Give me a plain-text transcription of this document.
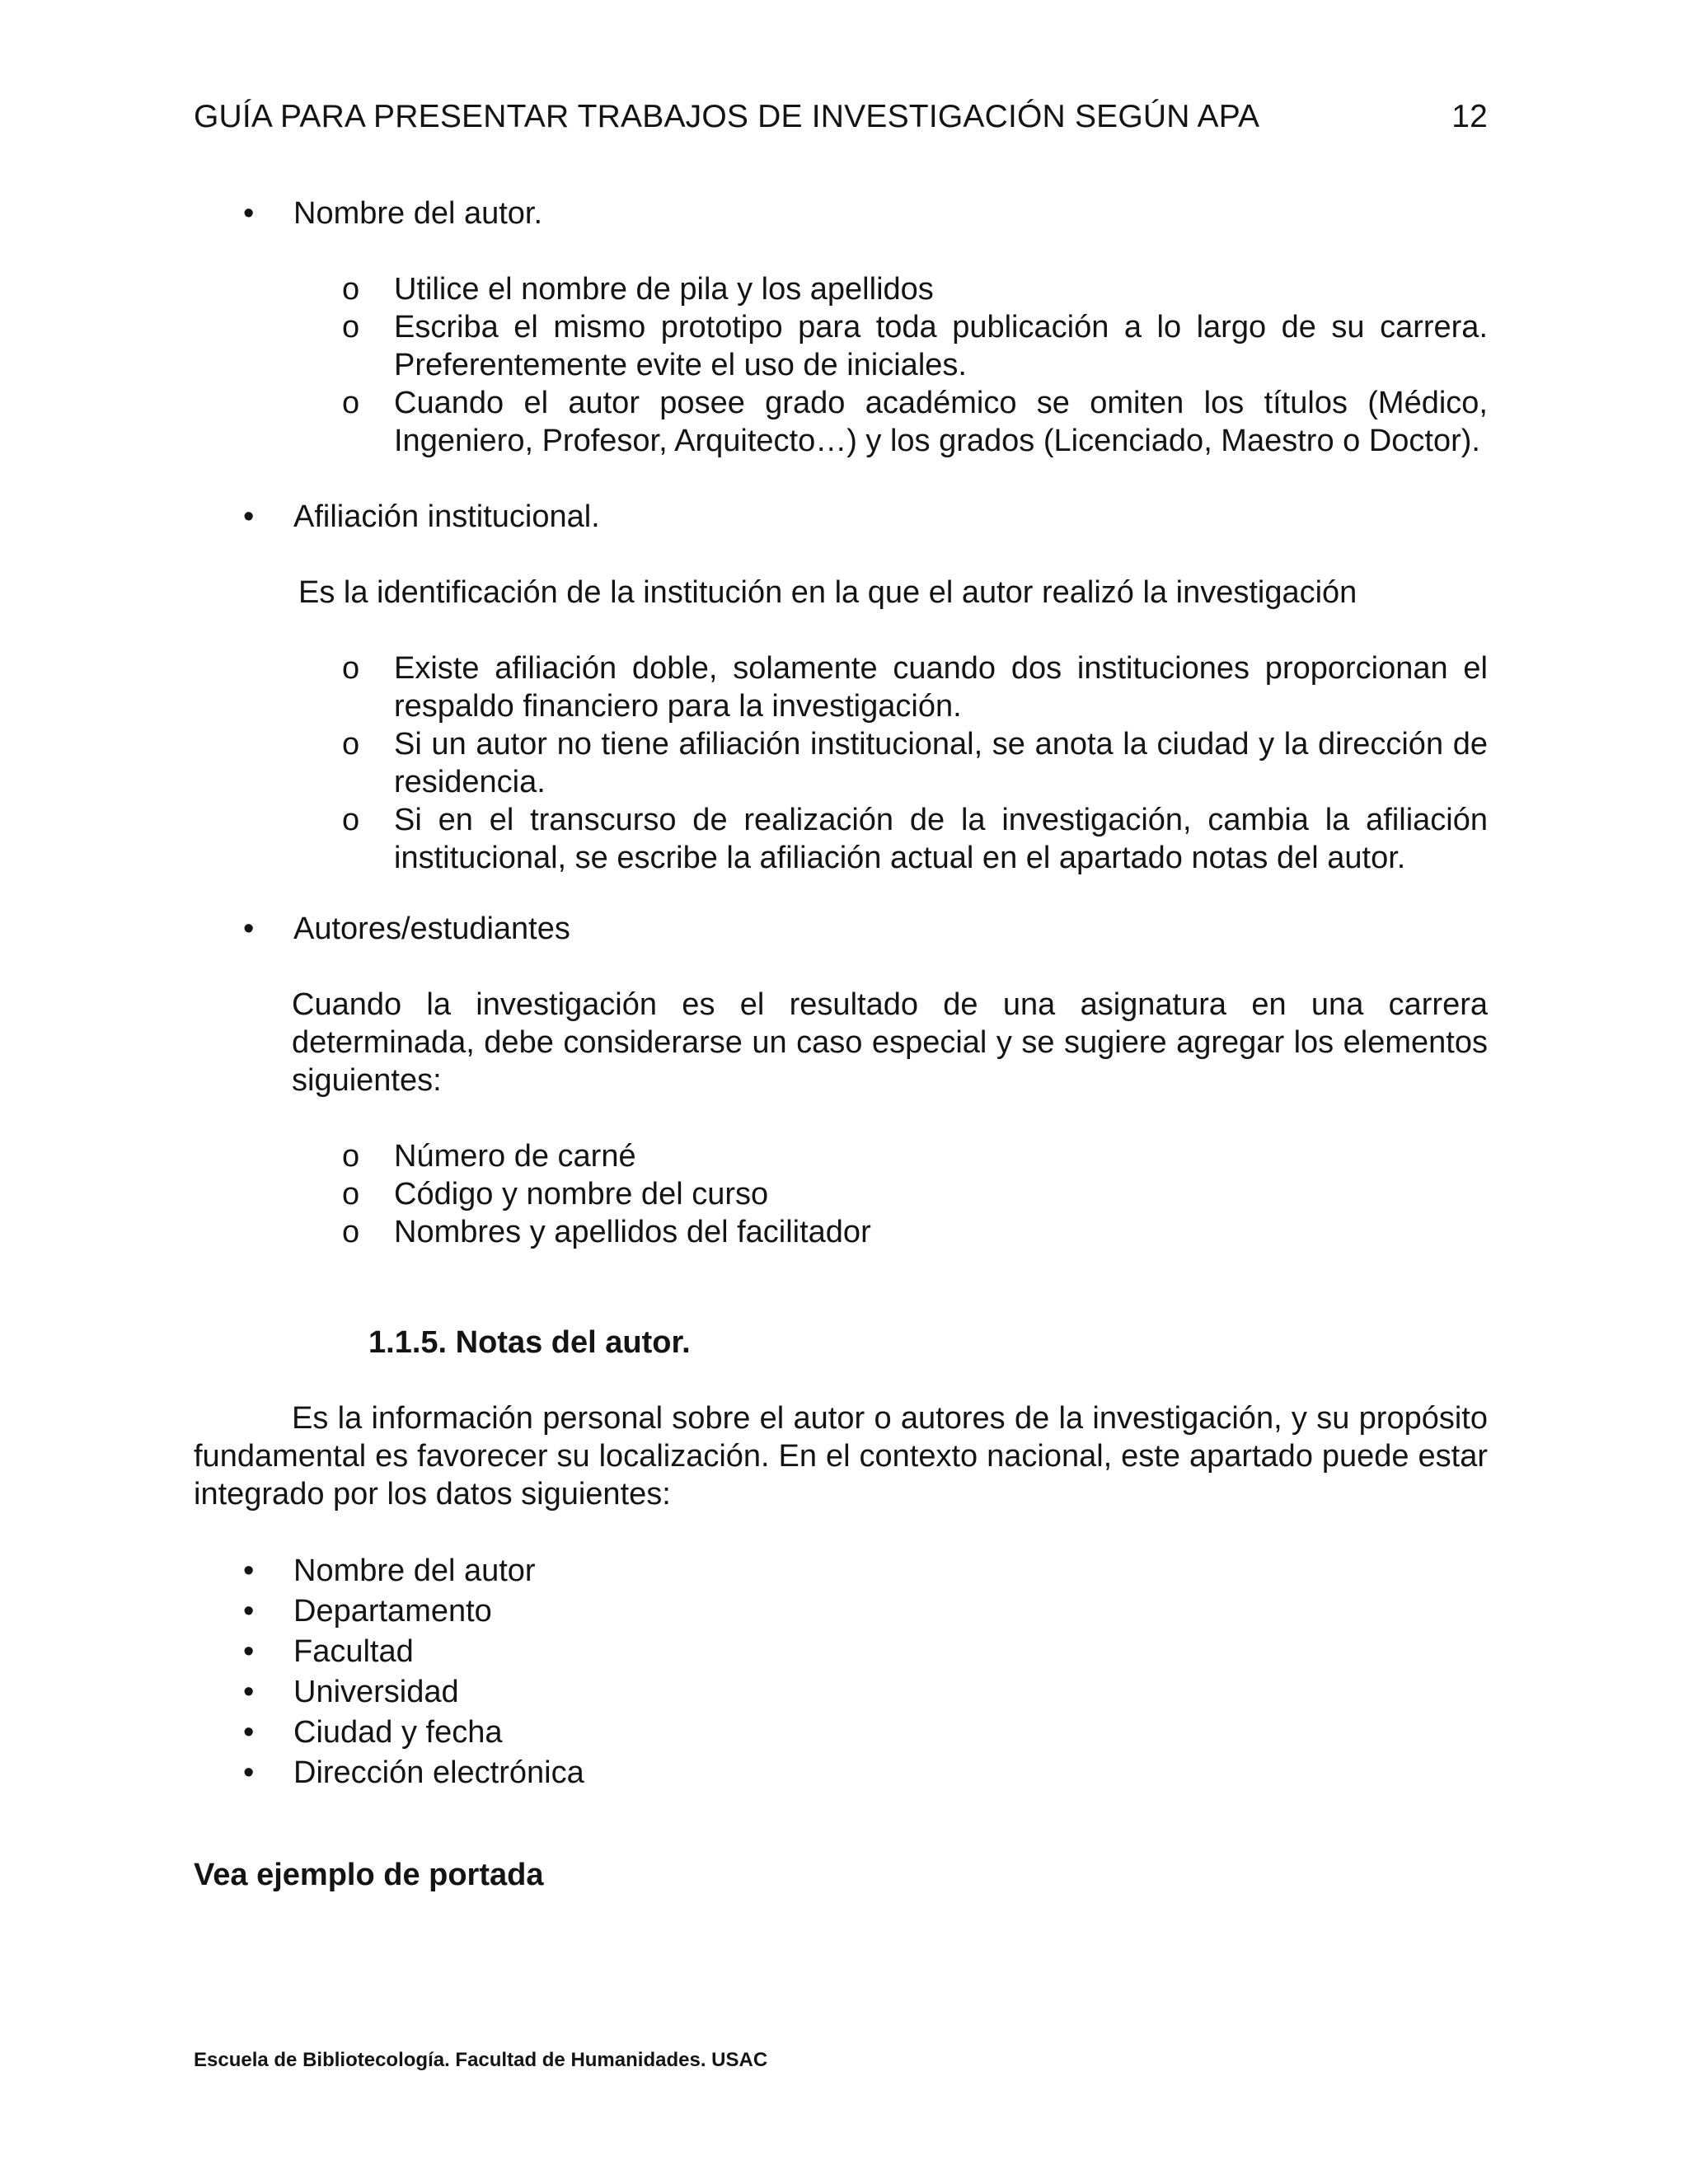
GUÍA PARA PRESENTAR TRABAJOS DE INVESTIGACIÓN SEGÚN APA	12
• Nombre del autor.
o Utilice el nombre de pila y los apellidos
o Escriba el mismo prototipo para toda publicación a lo largo de su carrera. Preferentemente evite el uso de iniciales.
o Cuando el autor posee grado académico se omiten los títulos (Médico, Ingeniero, Profesor, Arquitecto…) y los grados (Licenciado, Maestro o Doctor).
• Afiliación institucional.
Es la identificación de la institución en la que el autor realizó la investigación
o Existe afiliación doble, solamente cuando dos instituciones proporcionan el respaldo financiero para la investigación.
o Si un autor no tiene afiliación institucional, se anota la ciudad y la dirección de residencia.
o Si en el transcurso de realización de la investigación, cambia la afiliación institucional, se escribe la afiliación actual en el apartado notas del autor.
• Autores/estudiantes
Cuando la investigación es el resultado de una asignatura en una carrera determinada, debe considerarse un caso especial y se sugiere agregar los elementos siguientes:
o Número de carné
o Código y nombre del curso
o Nombres y apellidos del facilitador
1.1.5. Notas del autor.
Es la información personal sobre el autor o autores de la investigación, y su propósito fundamental es favorecer su localización. En el contexto nacional, este apartado puede estar integrado por los datos siguientes:
• Nombre del autor
• Departamento
• Facultad
• Universidad
• Ciudad y fecha
• Dirección electrónica
Vea ejemplo de portada
Escuela de Bibliotecología. Facultad de Humanidades. USAC
